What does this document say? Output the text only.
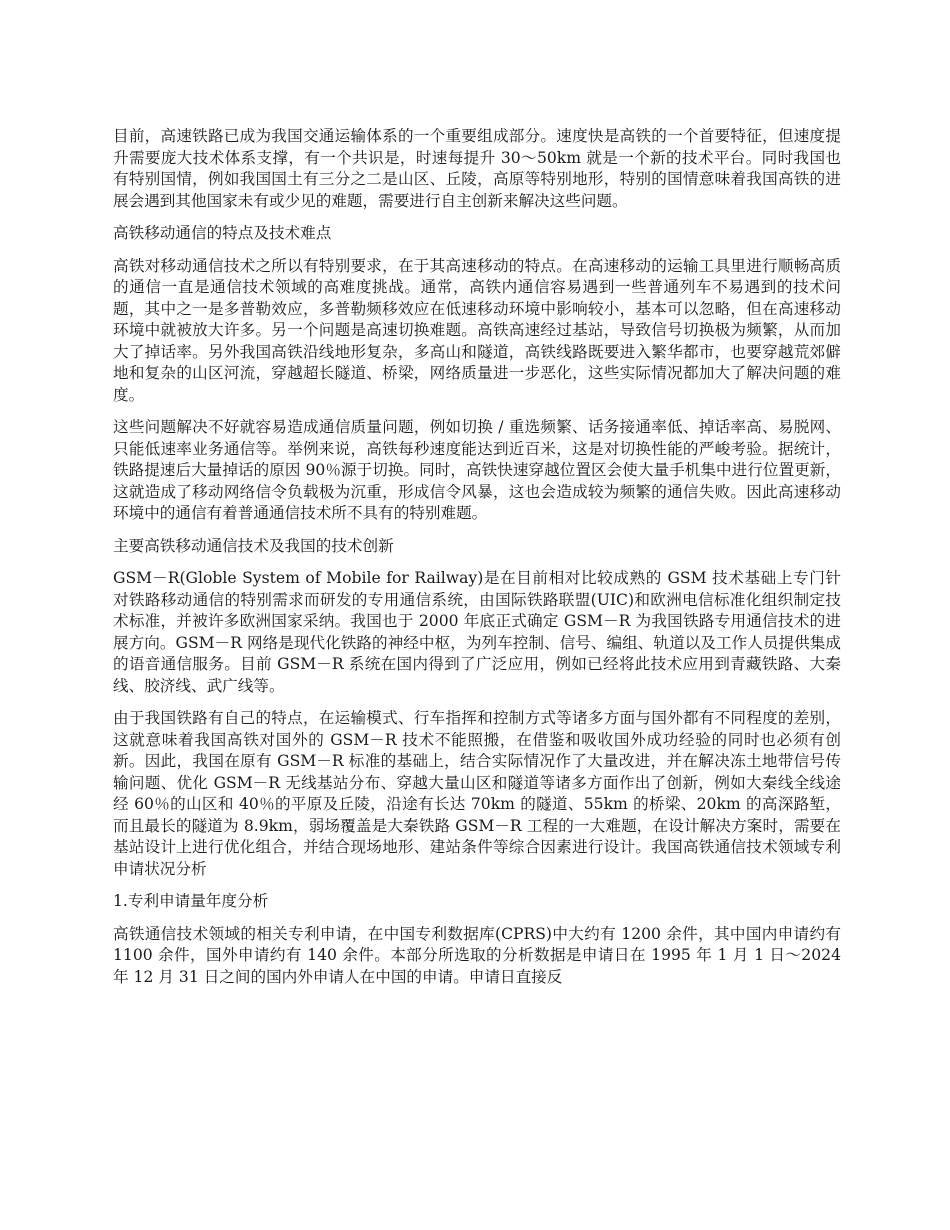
目前，高速铁路已成为我国交通运输体系的一个重要组成部分。速度快是高铁的一个首要特征，但速度提升需要庞大技术体系支撑，有一个共识是，时速每提升 30～50km 就是一个新的技术平台。同时我国也有特别国情，例如我国国土有三分之二是山区、丘陵，高原等特别地形，特别的国情意味着我国高铁的进展会遇到其他国家未有或少见的难题，需要进行自主创新来解决这些问题。

高铁移动通信的特点及技术难点

高铁对移动通信技术之所以有特别要求，在于其高速移动的特点。在高速移动的运输工具里进行顺畅高质的通信一直是通信技术领域的高难度挑战。通常，高铁内通信容易遇到一些普通列车不易遇到的技术问题，其中之一是多普勒效应，多普勒频移效应在低速移动环境中影响较小，基本可以忽略，但在高速移动环境中就被放大许多。另一个问题是高速切换难题。高铁高速经过基站，导致信号切换极为频繁，从而加大了掉话率。另外我国高铁沿线地形复杂，多高山和隧道，高铁线路既要进入繁华都市，也要穿越荒郊僻地和复杂的山区河流，穿越超长隧道、桥梁，网络质量进一步恶化，这些实际情况都加大了解决问题的难度。

这些问题解决不好就容易造成通信质量问题，例如切换 / 重选频繁、话务接通率低、掉话率高、易脱网、只能低速率业务通信等。举例来说，高铁每秒速度能达到近百米，这是对切换性能的严峻考验。据统计，铁路提速后大量掉话的原因 90％源于切换。同时，高铁快速穿越位置区会使大量手机集中进行位置更新，这就造成了移动网络信令负载极为沉重，形成信令风暴，这也会造成较为频繁的通信失败。因此高速移动环境中的通信有着普通通信技术所不具有的特别难题。

主要高铁移动通信技术及我国的技术创新

GSM－R(Globle System of Mobile for Railway)是在目前相对比较成熟的 GSM 技术基础上专门针对铁路移动通信的特别需求而研发的专用通信系统，由国际铁路联盟(UIC)和欧洲电信标准化组织制定技术标准，并被许多欧洲国家采纳。我国也于 2000 年底正式确定 GSM－R 为我国铁路专用通信技术的进展方向。GSM－R 网络是现代化铁路的神经中枢，为列车控制、信号、编组、轨道以及工作人员提供集成的语音通信服务。目前 GSM－R 系统在国内得到了广泛应用，例如已经将此技术应用到青藏铁路、大秦线、胶济线、武广线等。

由于我国铁路有自己的特点，在运输模式、行车指挥和控制方式等诸多方面与国外都有不同程度的差别，这就意味着我国高铁对国外的 GSM－R 技术不能照搬，在借鉴和吸收国外成功经验的同时也必须有创新。因此，我国在原有 GSM－R 标准的基础上，结合实际情况作了大量改进，并在解决冻土地带信号传输问题、优化 GSM－R 无线基站分布、穿越大量山区和隧道等诸多方面作出了创新，例如大秦线全线途经 60％的山区和 40％的平原及丘陵，沿途有长达 70km 的隧道、55km 的桥梁、20km 的高深路堑，而且最长的隧道为 8.9km，弱场覆盖是大秦铁路 GSM－R 工程的一大难题，在设计解决方案时，需要在基站设计上进行优化组合，并结合现场地形、建站条件等综合因素进行设计。我国高铁通信技术领域专利申请状况分析

1.专利申请量年度分析

高铁通信技术领域的相关专利申请，在中国专利数据库(CPRS)中大约有 1200 余件，其中国内申请约有 1100 余件，国外申请约有 140 余件。本部分所选取的分析数据是申请日在 1995 年 1 月 1 日～2024 年 12 月 31 日之间的国内外申请人在中国的申请。申请日直接反
